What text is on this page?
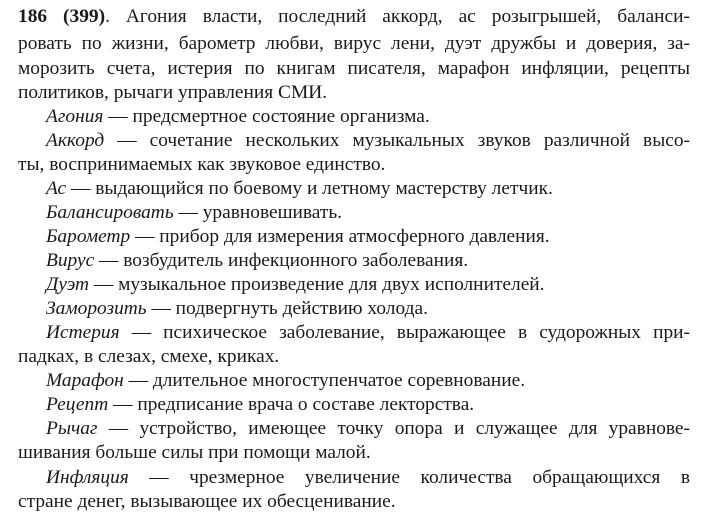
186 (399). Агония власти, последний аккорд, ас розыгрышей, баланси-
ровать по жизни, барометр любви, вирус лени, дуэт дружбы и доверия, за-
морозить счета, истерия по книгам писателя, марафон инфляции, рецепты
политиков, рычаги управления СМИ.
Агония — предсмертное состояние организма.
Аккорд — сочетание нескольких музыкальных звуков различной высо-
ты, воспринимаемых как звуковое единство.
Ас — выдающийся по боевому и летному мастерству летчик.
Балансировать — уравновешивать.
Барометр — прибор для измерения атмосферного давления.
Вирус — возбудитель инфекционного заболевания.
Дуэт — музыкальное произведение для двух исполнителей.
Заморозить — подвергнуть действию холода.
Истерия — психическое заболевание, выражающее в судорожных при-
падках, в слезах, смехе, криках.
Марафон — длительное многоступенчатое соревнование.
Рецепт — предписание врача о составе лекторства.
Рычаг — устройство, имеющее точку опора и служащее для уравнове-
шивания больше силы при помощи малой.
Инфляция — чрезмерное увеличение количества обращающихся в
стране денег, вызывающее их обесценивание.
